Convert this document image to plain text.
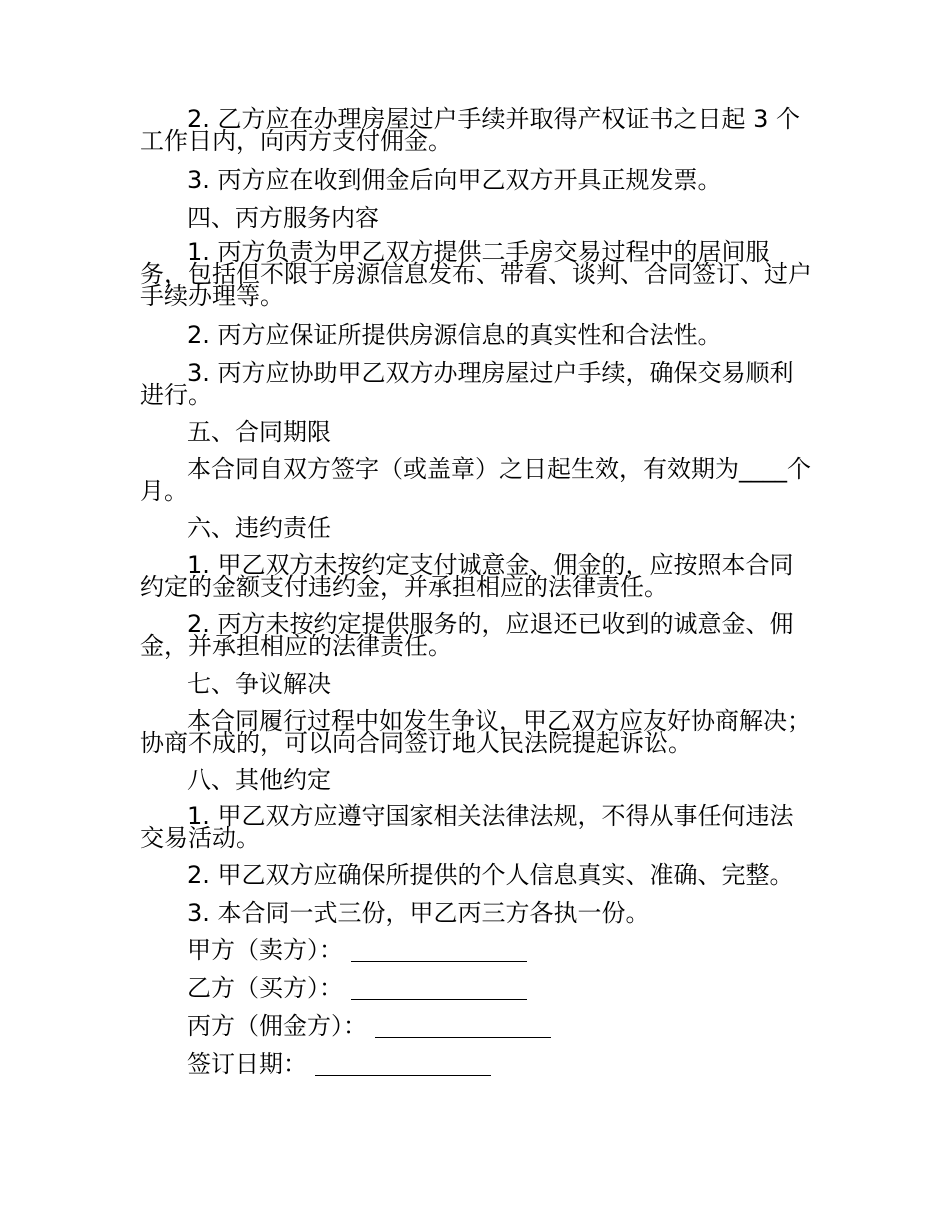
2. 乙方应在办理房屋过户手续并取得产权证书之日起 3 个工作日内，向丙方支付佣金。
3. 丙方应在收到佣金后向甲乙双方开具正规发票。
四、丙方服务内容
1. 丙方负责为甲乙双方提供二手房交易过程中的居间服务，包括但不限于房源信息发布、带看、谈判、合同签订、过户手续办理等。
2. 丙方应保证所提供房源信息的真实性和合法性。
3. 丙方应协助甲乙双方办理房屋过户手续，确保交易顺利进行。
五、合同期限
本合同自双方签字（或盖章）之日起生效，有效期为____个月。
六、违约责任
1. 甲乙双方未按约定支付诚意金、佣金的，应按照本合同约定的金额支付违约金，并承担相应的法律责任。
2. 丙方未按约定提供服务的，应退还已收到的诚意金、佣金，并承担相应的法律责任。
七、争议解决
本合同履行过程中如发生争议，甲乙双方应友好协商解决；协商不成的，可以向合同签订地人民法院提起诉讼。
八、其他约定
1. 甲乙双方应遵守国家相关法律法规，不得从事任何违法交易活动。
2. 甲乙双方应确保所提供的个人信息真实、准确、完整。
3. 本合同一式三份，甲乙丙三方各执一份。
甲方（卖方）：
乙方（买方）：
丙方（佣金方）：
签订日期：
